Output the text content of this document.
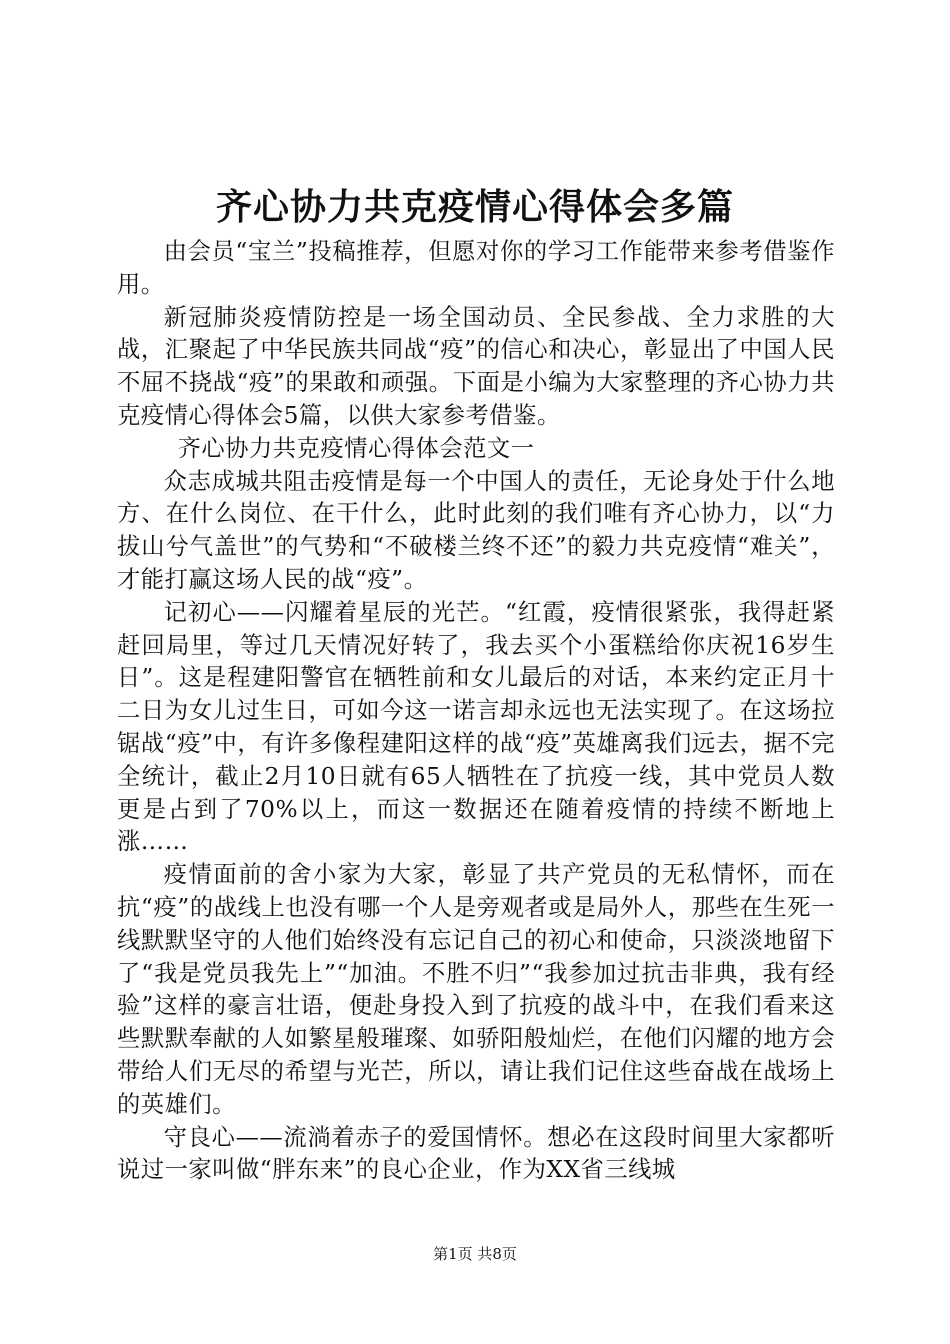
齐心协力共克疫情心得体会多篇

由会员“宝兰”投稿推荐，但愿对你的学习工作能带来参考借鉴作用。

新冠肺炎疫情防控是一场全国动员、全民参战、全力求胜的大战，汇聚起了中华民族共同战“疫”的信心和决心，彰显出了中国人民不屈不挠战“疫”的果敢和顽强。下面是小编为大家整理的齐心协力共克疫情心得体会5篇，以供大家参考借鉴。

齐心协力共克疫情心得体会范文一

众志成城共阻击疫情是每一个中国人的责任，无论身处于什么地方、在什么岗位、在干什么，此时此刻的我们唯有齐心协力，以“力拔山兮气盖世”的气势和“不破楼兰终不还”的毅力共克疫情“难关”，才能打赢这场人民的战“疫”。

记初心——闪耀着星辰的光芒。“红霞，疫情很紧张，我得赶紧赶回局里，等过几天情况好转了，我去买个小蛋糕给你庆祝16岁生日”。这是程建阳警官在牺牲前和女儿最后的对话，本来约定正月十二日为女儿过生日，可如今这一诺言却永远也无法实现了。在这场拉锯战“疫”中，有许多像程建阳这样的战“疫”英雄离我们远去，据不完全统计，截止2月10日就有65人牺牲在了抗疫一线，其中党员人数更是占到了70%以上，而这一数据还在随着疫情的持续不断地上涨……

疫情面前的舍小家为大家，彰显了共产党员的无私情怀，而在抗“疫”的战线上也没有哪一个人是旁观者或是局外人，那些在生死一线默默坚守的人他们始终没有忘记自己的初心和使命，只淡淡地留下了“我是党员我先上”“加油。不胜不归”“我参加过抗击非典，我有经验”这样的豪言壮语，便赴身投入到了抗疫的战斗中，在我们看来这些默默奉献的人如繁星般璀璨、如骄阳般灿烂，在他们闪耀的地方会带给人们无尽的希望与光芒，所以，请让我们记住这些奋战在战场上的英雄们。

守良心——流淌着赤子的爱国情怀。想必在这段时间里大家都听说过一家叫做“胖东来”的良心企业，作为XX省三线城

第1页 共8页
